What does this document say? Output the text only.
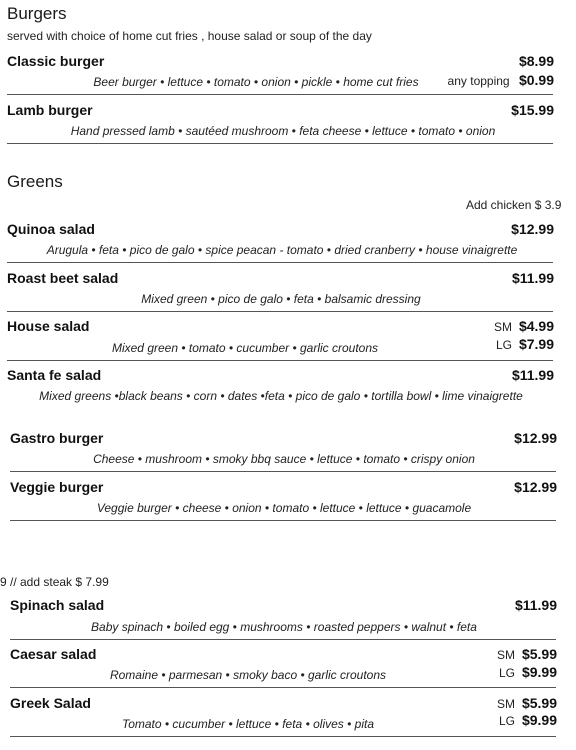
Burgers
served with choice of home cut fries , house salad or soup of the day
Classic burger	$8.99
Beer burger • lettuce • tomato • onion • pickle • home cut fries	any topping $0.99
Lamb burger	$15.99
Hand pressed lamb • sautéed mushroom • feta cheese • lettuce • tomato • onion
Greens
Add chicken $ 3.9
Quinoa salad	$12.99
Arugula • feta • pico de galo • spice peacan - tomato • dried cranberry • house vinaigrette
Roast beet salad	$11.99
Mixed green • pico de galo • feta • balsamic dressing
House salad	SM $4.99
LG $7.99
Mixed green • tomato • cucumber • garlic croutons
Santa fe salad	$11.99
Mixed greens •black beans • corn • dates •feta • pico de galo • tortilla bowl • lime vinaigrette
Gastro burger	$12.99
Cheese • mushroom • smoky bbq sauce • lettuce • tomato • crispy onion
Veggie burger	$12.99
Veggie burger • cheese • onion • tomato • lettuce • lettuce • guacamole
9 // add steak $ 7.99
Spinach salad	$11.99
Baby spinach • boiled egg • mushrooms • roasted peppers • walnut • feta
Caesar salad	SM $5.99
LG $9.99
Romaine • parmesan • smoky baco • garlic croutons
Greek Salad	SM $5.99
LG $9.99
Tomato • cucumber • lettuce • feta • olives • pita
